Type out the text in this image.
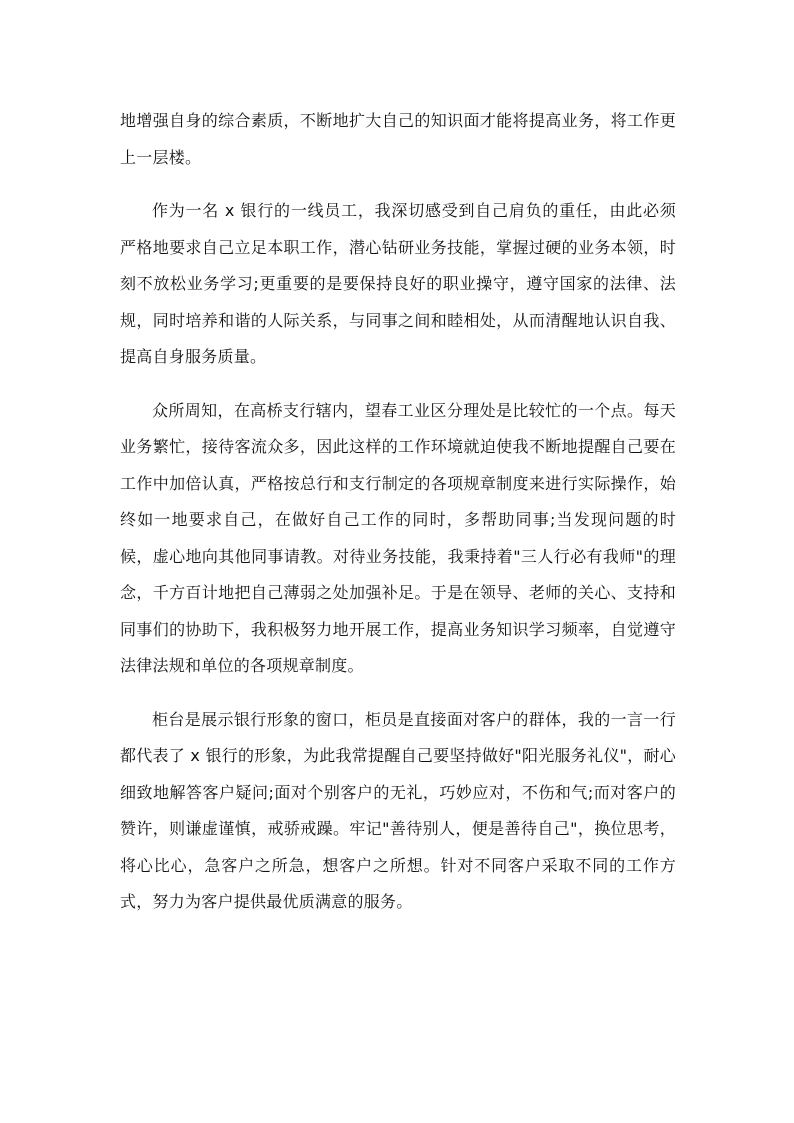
地增强自身的综合素质，不断地扩大自己的知识面才能将提高业务，将工作更上一层楼。

作为一名 x 银行的一线员工，我深切感受到自己肩负的重任，由此必须严格地要求自己立足本职工作，潜心钻研业务技能，掌握过硬的业务本领，时刻不放松业务学习;更重要的是要保持良好的职业操守，遵守国家的法律、法规，同时培养和谐的人际关系，与同事之间和睦相处，从而清醒地认识自我、提高自身服务质量。

众所周知，在高桥支行辖内，望春工业区分理处是比较忙的一个点。每天业务繁忙，接待客流众多，因此这样的工作环境就迫使我不断地提醒自己要在工作中加倍认真，严格按总行和支行制定的各项规章制度来进行实际操作，始终如一地要求自己，在做好自己工作的同时，多帮助同事;当发现问题的时候，虚心地向其他同事请教。对待业务技能，我秉持着"三人行必有我师"的理念，千方百计地把自己薄弱之处加强补足。于是在领导、老师的关心、支持和同事们的协助下，我积极努力地开展工作，提高业务知识学习频率，自觉遵守法律法规和单位的各项规章制度。

柜台是展示银行形象的窗口，柜员是直接面对客户的群体，我的一言一行都代表了 x 银行的形象，为此我常提醒自己要坚持做好"阳光服务礼仪"，耐心细致地解答客户疑问;面对个别客户的无礼，巧妙应对，不伤和气;而对客户的赞许，则谦虚谨慎，戒骄戒躁。牢记"善待别人，便是善待自己"，换位思考，将心比心，急客户之所急，想客户之所想。针对不同客户采取不同的工作方式，努力为客户提供最优质满意的服务。
